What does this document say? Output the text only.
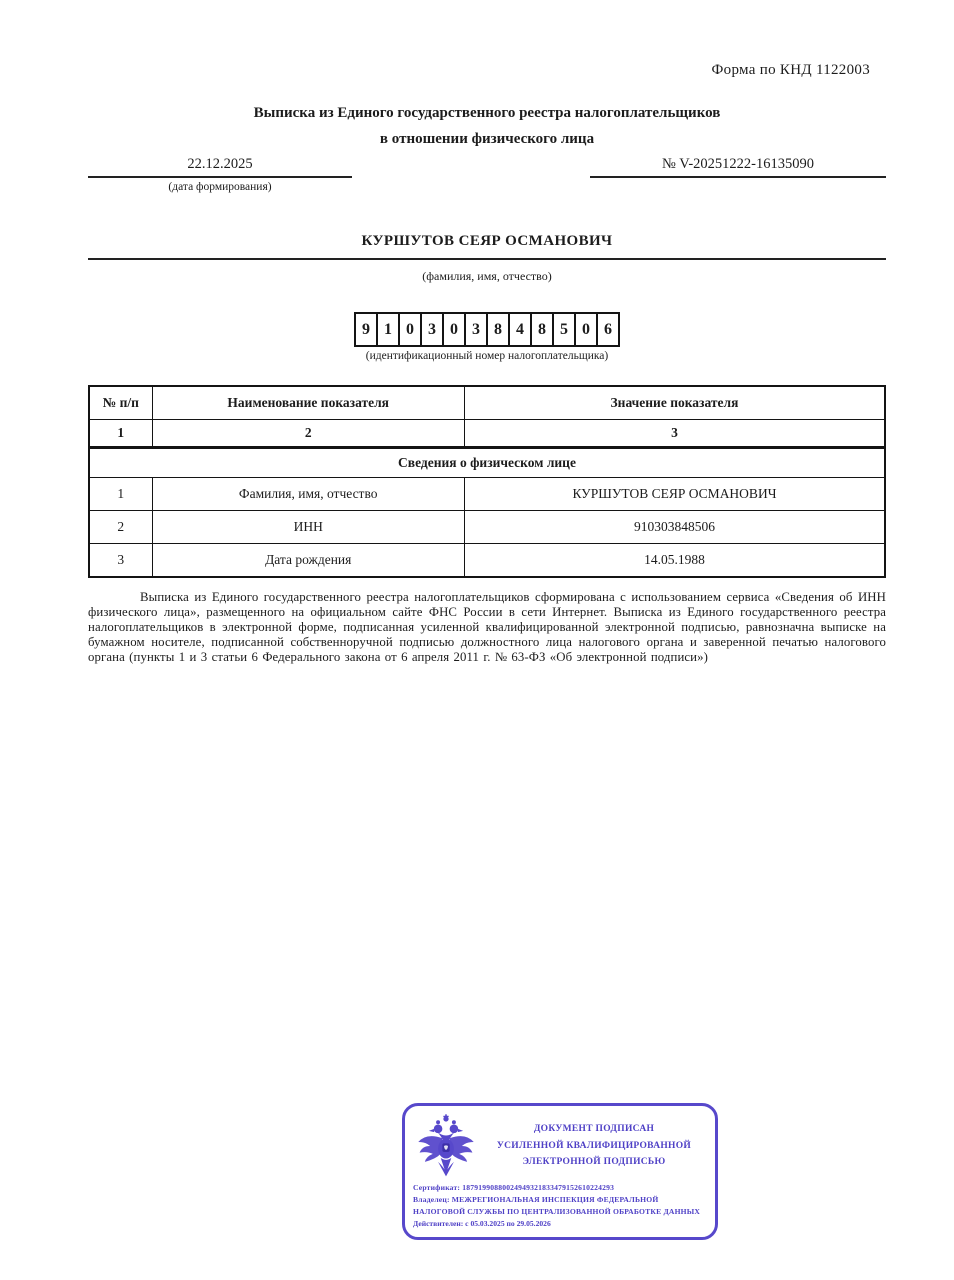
Форма по КНД 1122003
Выписка из Единого государственного реестра налогоплательщиков
в отношении физического лица
22.12.2025
(дата формирования)
№ V-20251222-16135090
КУРШУТОВ СЕЯР ОСМАНОВИЧ
(фамилия, имя, отчество)
9 1 0 3 0 3 8 4 8 5 0 6
(идентификационный номер налогоплательщика)
№ п/п	Наименование показателя	Значение показателя
1	2	3
Сведения о физическом лице		
1	Фамилия, имя, отчество	КУРШУТОВ СЕЯР ОСМАНОВИЧ
2	ИНН	910303848506
3	Дата рождения	14.05.1988
Выписка из Единого государственного реестра налогоплательщиков сформирована с использованием сервиса «Сведения об ИНН физического лица», размещенного на официальном сайте ФНС России в сети Интернет. Выписка из Единого государственного реестра налогоплательщиков в электронной форме, подписанная усиленной квалифицированной электронной подписью, равнозначна выписке на бумажном носителе, подписанной собственноручной подписью должностного лица налогового органа и заверенной печатью налогового органа (пункты 1 и 3 статьи 6 Федерального закона от 6 апреля 2011 г. № 63-ФЗ «Об электронной подписи»)
ДОКУМЕНТ ПОДПИСАН
УСИЛЕННОЙ КВАЛИФИЦИРОВАННОЙ
ЭЛЕКТРОННОЙ ПОДПИСЬЮ
Сертификат: 18791990880024949321833479152610224293
Владелец: МЕЖРЕГИОНАЛЬНАЯ ИНСПЕКЦИЯ ФЕДЕРАЛЬНОЙ НАЛОГОВОЙ СЛУЖБЫ ПО ЦЕНТРАЛИЗОВАННОЙ ОБРАБОТКЕ ДАННЫХ
Действителен: с 05.03.2025 по 29.05.2026
